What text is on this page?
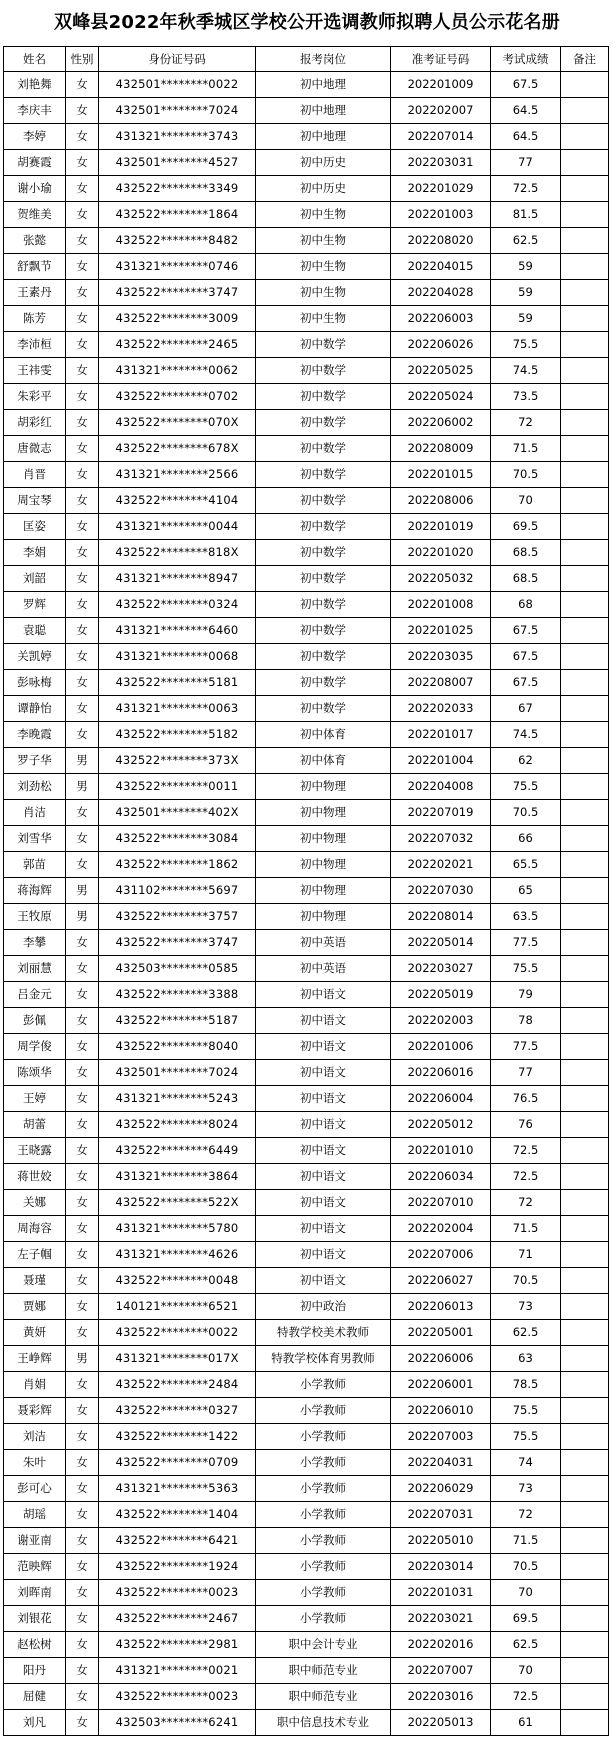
双峰县2022年秋季城区学校公开选调教师拟聘人员公示花名册
姓名	性别	身份证号码	报考岗位	准考证号码	考试成绩	备注
刘艳舞	女	432501********0022	初中地理	202201009	67.5	
李庆丰	女	432501********7024	初中地理	202202007	64.5	
李婷	女	431321********3743	初中地理	202207014	64.5	
胡赛霞	女	432501********4527	初中历史	202203031	77	
谢小瑜	女	432522********3349	初中历史	202201029	72.5	
贺维美	女	432522********1864	初中生物	202201003	81.5	
张懿	女	432522********8482	初中生物	202208020	62.5	
舒飘节	女	431321********0746	初中生物	202204015	59	
王素丹	女	432522********3747	初中生物	202204028	59	
陈芳	女	432522********3009	初中生物	202206003	59	
李沛桓	女	432522********2465	初中数学	202206026	75.5	
王祎雯	女	431321********0062	初中数学	202205025	74.5	
朱彩平	女	432522********0702	初中数学	202205024	73.5	
胡彩红	女	432522********070X	初中数学	202206002	72	
唐微志	女	432522********678X	初中数学	202208009	71.5	
肖晋	女	431321********2566	初中数学	202201015	70.5	
周宝琴	女	432522********4104	初中数学	202208006	70	
匡姿	女	431321********0044	初中数学	202201019	69.5	
李娟	女	432522********818X	初中数学	202201020	68.5	
刘韶	女	431321********8947	初中数学	202205032	68.5	
罗辉	女	432522********0324	初中数学	202201008	68	
袁聪	女	431321********6460	初中数学	202201025	67.5	
关凯婷	女	431321********0068	初中数学	202203035	67.5	
彭咏梅	女	432522********5181	初中数学	202208007	67.5	
谭静怡	女	431321********0063	初中数学	202202033	67	
李晚霞	女	432522********5182	初中体育	202201017	74.5	
罗子华	男	432522********373X	初中体育	202201004	62	
刘劲松	男	432522********0011	初中物理	202204008	75.5	
肖洁	女	432501********402X	初中物理	202207019	70.5	
刘雪华	女	432522********3084	初中物理	202207032	66	
郭苗	女	432522********1862	初中物理	202202021	65.5	
蒋海辉	男	431102********5697	初中物理	202207030	65	
王牧原	男	432522********3757	初中物理	202208014	63.5	
李攀	女	432522********3747	初中英语	202205014	77.5	
刘丽慧	女	432503********0585	初中英语	202203027	75.5	
吕金元	女	432522********3388	初中语文	202205019	79	
彭佩	女	432522********5187	初中语文	202202003	78	
周学俊	女	432522********8040	初中语文	202201006	77.5	
陈颂华	女	432501********7024	初中语文	202206016	77	
王婷	女	431321********5243	初中语文	202206004	76.5	
胡蕾	女	432522********8024	初中语文	202205012	76	
王晓露	女	432522********6449	初中语文	202201010	72.5	
蒋世姣	女	431321********3864	初中语文	202206034	72.5	
关娜	女	432522********522X	初中语文	202207010	72	
周海容	女	431321********5780	初中语文	202202004	71.5	
左子帼	女	431321********4626	初中语文	202207006	71	
聂瑾	女	432522********0048	初中语文	202206027	70.5	
贾娜	女	140121********6521	初中政治	202206013	73	
黄妍	女	432522********0022	特教学校美术教师	202205001	62.5	
王峥辉	男	431321********017X	特教学校体育男教师	202206006	63	
肖娟	女	432522********2484	小学教师	202206001	78.5	
聂彩辉	女	432522********0327	小学教师	202206010	75.5	
刘洁	女	432522********1422	小学教师	202207003	75.5	
朱叶	女	432522********0709	小学教师	202204031	74	
彭可心	女	431321********5363	小学教师	202206029	73	
胡瑶	女	432522********1404	小学教师	202207031	72	
谢亚南	女	432522********6421	小学教师	202205010	71.5	
范映辉	女	432522********1924	小学教师	202203014	70.5	
刘晖南	女	432522********0023	小学教师	202201031	70	
刘银花	女	432522********2467	小学教师	202203021	69.5	
赵松树	女	432522********2981	职中会计专业	202202016	62.5	
阳丹	女	431321********0021	职中师范专业	202207007	70	
屈健	女	432522********0023	职中师范专业	202203016	72.5	
刘凡	女	432503********6241	职中信息技术专业	202205013	61	
